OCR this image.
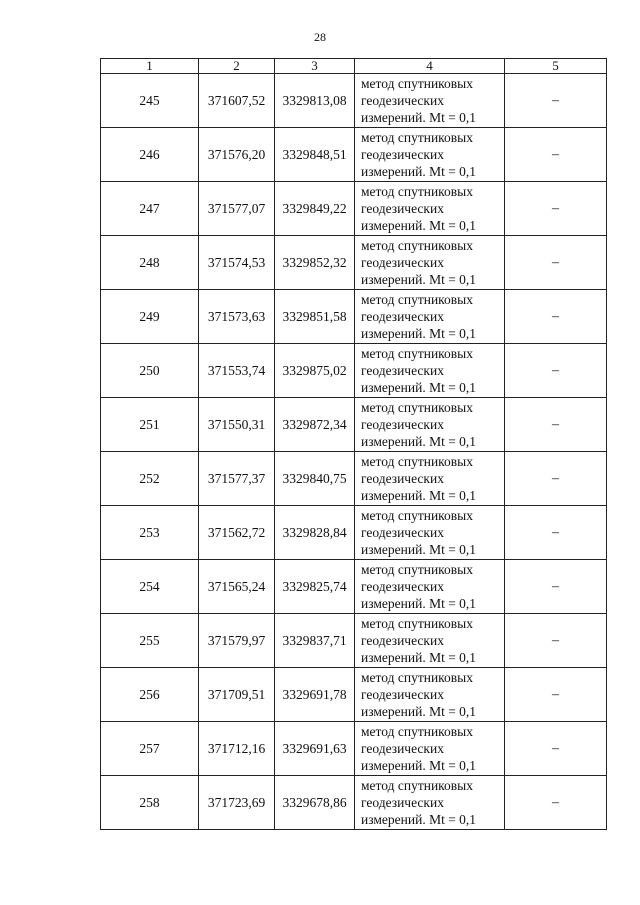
28
1	2	3	4	5
245	371607,52	3329813,08	метод спутниковых
геодезических
измерений. Mt = 0,1	–
246	371576,20	3329848,51	метод спутниковых
геодезических
измерений. Mt = 0,1	–
247	371577,07	3329849,22	метод спутниковых
геодезических
измерений. Mt = 0,1	–
248	371574,53	3329852,32	метод спутниковых
геодезических
измерений. Mt = 0,1	–
249	371573,63	3329851,58	метод спутниковых
геодезических
измерений. Mt = 0,1	–
250	371553,74	3329875,02	метод спутниковых
геодезических
измерений. Mt = 0,1	–
251	371550,31	3329872,34	метод спутниковых
геодезических
измерений. Mt = 0,1	–
252	371577,37	3329840,75	метод спутниковых
геодезических
измерений. Mt = 0,1	–
253	371562,72	3329828,84	метод спутниковых
геодезических
измерений. Mt = 0,1	–
254	371565,24	3329825,74	метод спутниковых
геодезических
измерений. Mt = 0,1	–
255	371579,97	3329837,71	метод спутниковых
геодезических
измерений. Mt = 0,1	–
256	371709,51	3329691,78	метод спутниковых
геодезических
измерений. Mt = 0,1	–
257	371712,16	3329691,63	метод спутниковых
геодезических
измерений. Mt = 0,1	–
258	371723,69	3329678,86	метод спутниковых
геодезических
измерений. Mt = 0,1	–
